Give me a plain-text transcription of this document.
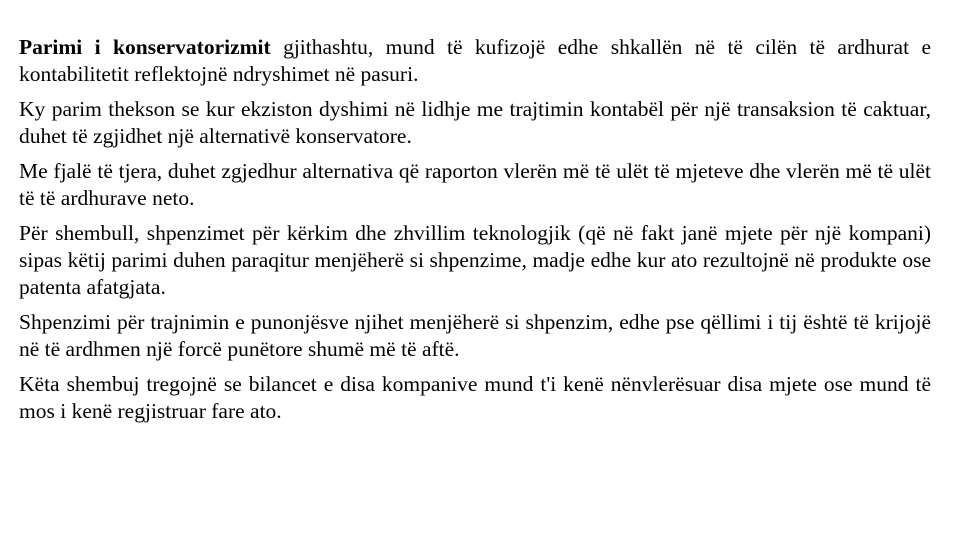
Parimi i konservatorizmit gjithashtu, mund të kufizojë edhe shkallën në të cilën të ardhurat e kontabilitetit reflektojnë ndryshimet në pasuri.

Ky parim thekson se kur ekziston dyshimi në lidhje me trajtimin kontabël për një transaksion të caktuar, duhet të zgjidhet një alternativë konservatore.

Me fjalë të tjera, duhet zgjedhur alternativa që raporton vlerën më të ulët të mjeteve dhe vlerën më të ulët të të ardhurave neto.

Për shembull, shpenzimet për kërkim dhe zhvillim teknologjik (që në fakt janë mjete për një kompani) sipas këtij parimi duhen paraqitur menjëherë si shpenzime, madje edhe kur ato rezultojnë në produkte ose patenta afatgjata.

Shpenzimi për trajnimin e punonjësve njihet menjëherë si shpenzim, edhe pse qëllimi i tij është të krijojë në të ardhmen një forcë punëtore shumë më të aftë.

Këta shembuj tregojnë se bilancet e disa kompanive mund t'i kenë nënvlerësuar disa mjete ose mund të mos i kenë regjistruar fare ato.
